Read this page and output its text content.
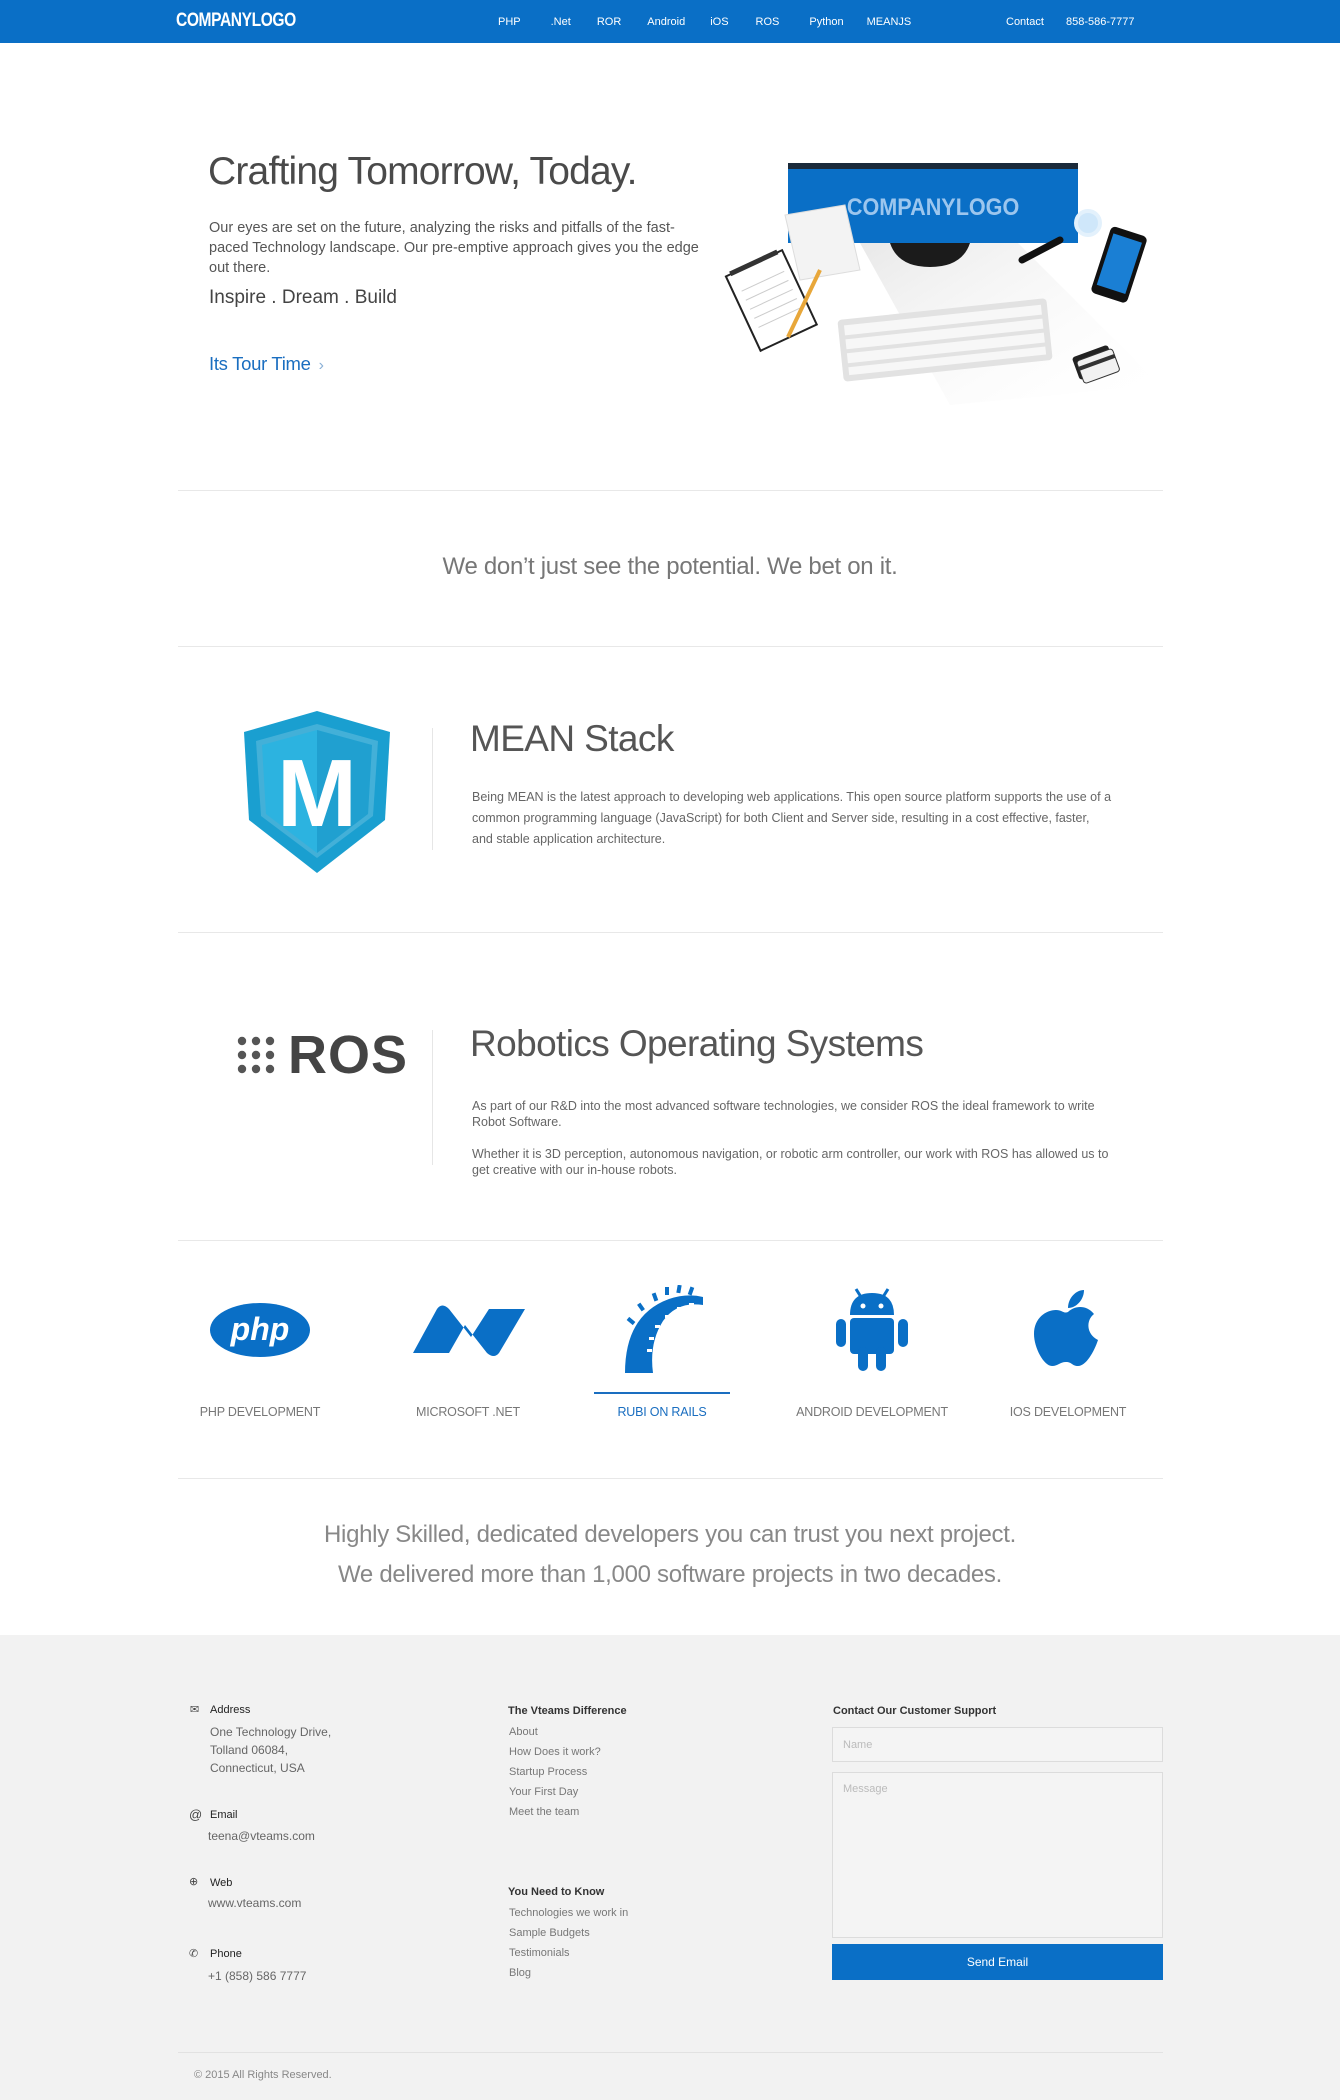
COMPANYLOGO	PHP	.Net ROR Android iOS ROS	Python MEANJS	Contact 858-586-7777
Crafting Tomorrow, Today.

Our eyes are set on the future, analyzing the risks and pitfalls of the fast-paced Technology landscape. Our pre-emptive approach gives you the edge out there.

Inspire . Dream . Build
Its Tour Time ›
COMPANYLOGO
We don’t just see the potential. We bet on it.
M
MEAN Stack

Being MEAN is the latest approach to developing web applications. This open source platform supports the use of a common programming language (JavaScript) for both Client and Server side, resulting in a cost effective, faster, and stable application architecture.

ROS Robotics Operating Systems

As part of our R&D into the most advanced software technologies, we consider ROS the ideal framework to write Robot Software.

Whether it is 3D perception, autonomous navigation, or robotic arm controller, our work with ROS has allowed us to get creative with our in-house robots.

php
PHP DEVELOPMENT	MICROSOFT .NET	RUBI ON RAILS	ANDROID DEVELOPMENT	IOS DEVELOPMENT
Highly Skilled, dedicated developers you can trust you next project.
We delivered more than 1,000 software projects in two decades.
✉ Address
One Technology Drive,
Tolland 06084,
Connecticut, USA
@ Email
teena@vteams.com
⊕ Web
www.vteams.com
✆ Phone
+1 (858) 586 7777
The Vteams Difference
About
How Does it work?
Startup Process
Your First Day
Meet the team
You Need to Know
Technologies we work in
Sample Budgets
Testimonials
Blog
Contact Our Customer Support
Name
Message
Send Email
© 2015 All Rights Reserved.
